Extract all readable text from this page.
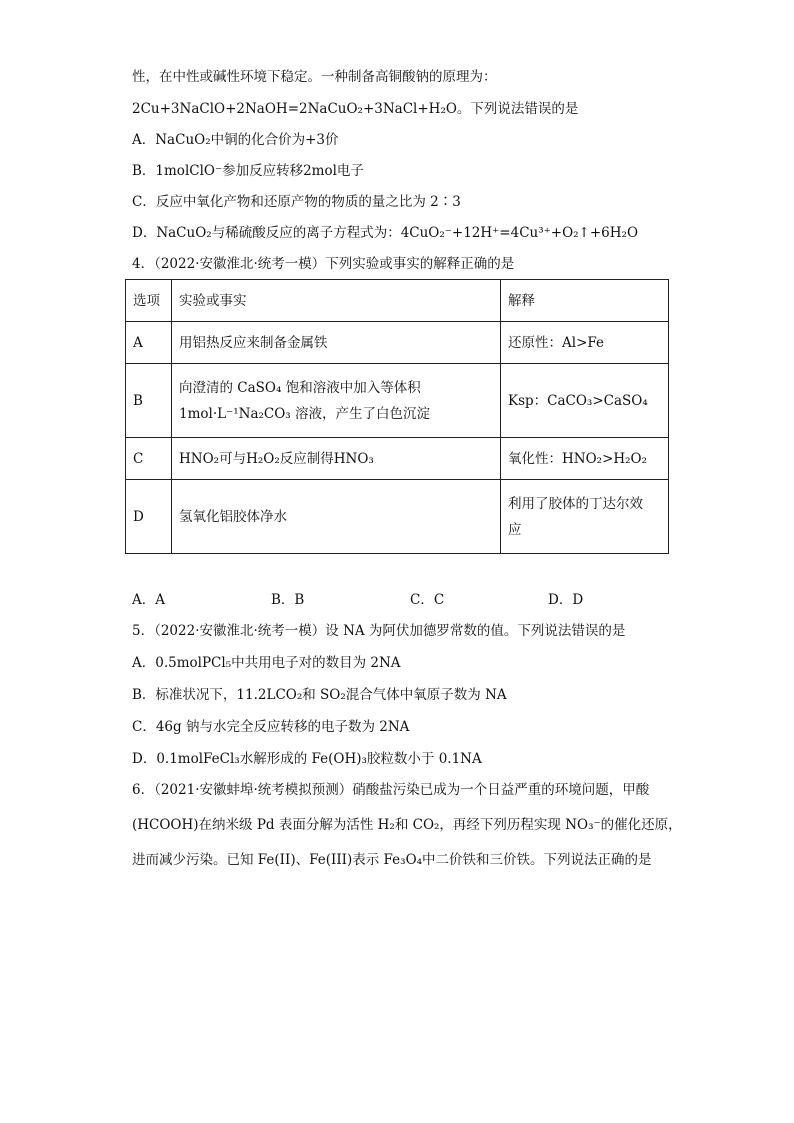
性，在中性或碱性环境下稳定。一种制备高铜酸钠的原理为：
2Cu+3NaClO+2NaOH=2NaCuO₂+3NaCl+H₂O。下列说法错误的是
A．NaCuO₂中铜的化合价为+3价
B．1molClO⁻参加反应转移2mol电子
C．反应中氧化产物和还原产物的物质的量之比为 2∶3
D．NaCuO₂与稀硫酸反应的离子方程式为：4CuO₂⁻+12H⁺=4Cu³⁺+O₂↑+6H₂O
4．（2022·安徽淮北·统考一模）下列实验或事实的解释正确的是
选项	实验或事实	解释
A	用铝热反应来制备金属铁	还原性：Al>Fe
B	向澄清的 CaSO₄ 饱和溶液中加入等体积
1mol·L⁻¹Na₂CO₃ 溶液，产生了白色沉淀	Ksp：CaCO₃>CaSO₄
C	HNO₂可与H₂O₂反应制得HNO₃	氧化性：HNO₂>H₂O₂
D	氢氧化铝胶体净水	利用了胶体的丁达尔效
应
A．A	B．B	C．C	D．D
5．（2022·安徽淮北·统考一模）设 NA 为阿伏加德罗常数的值。下列说法错误的是
A．0.5molPCl₅中共用电子对的数目为 2NA
B．标准状况下，11.2LCO₂和 SO₂混合气体中氧原子数为 NA
C．46g 钠与水完全反应转移的电子数为 2NA
D．0.1molFeCl₃水解形成的 Fe(OH)₃胶粒数小于 0.1NA
6．（2021·安徽蚌埠·统考模拟预测）硝酸盐污染已成为一个日益严重的环境问题，甲酸
(HCOOH)在纳米级 Pd 表面分解为活性 H₂和 CO₂，再经下列历程实现 NO₃⁻的催化还原，
进而减少污染。已知 Fe(II)、Fe(III)表示 Fe₃O₄中二价铁和三价铁。下列说法正确的是
